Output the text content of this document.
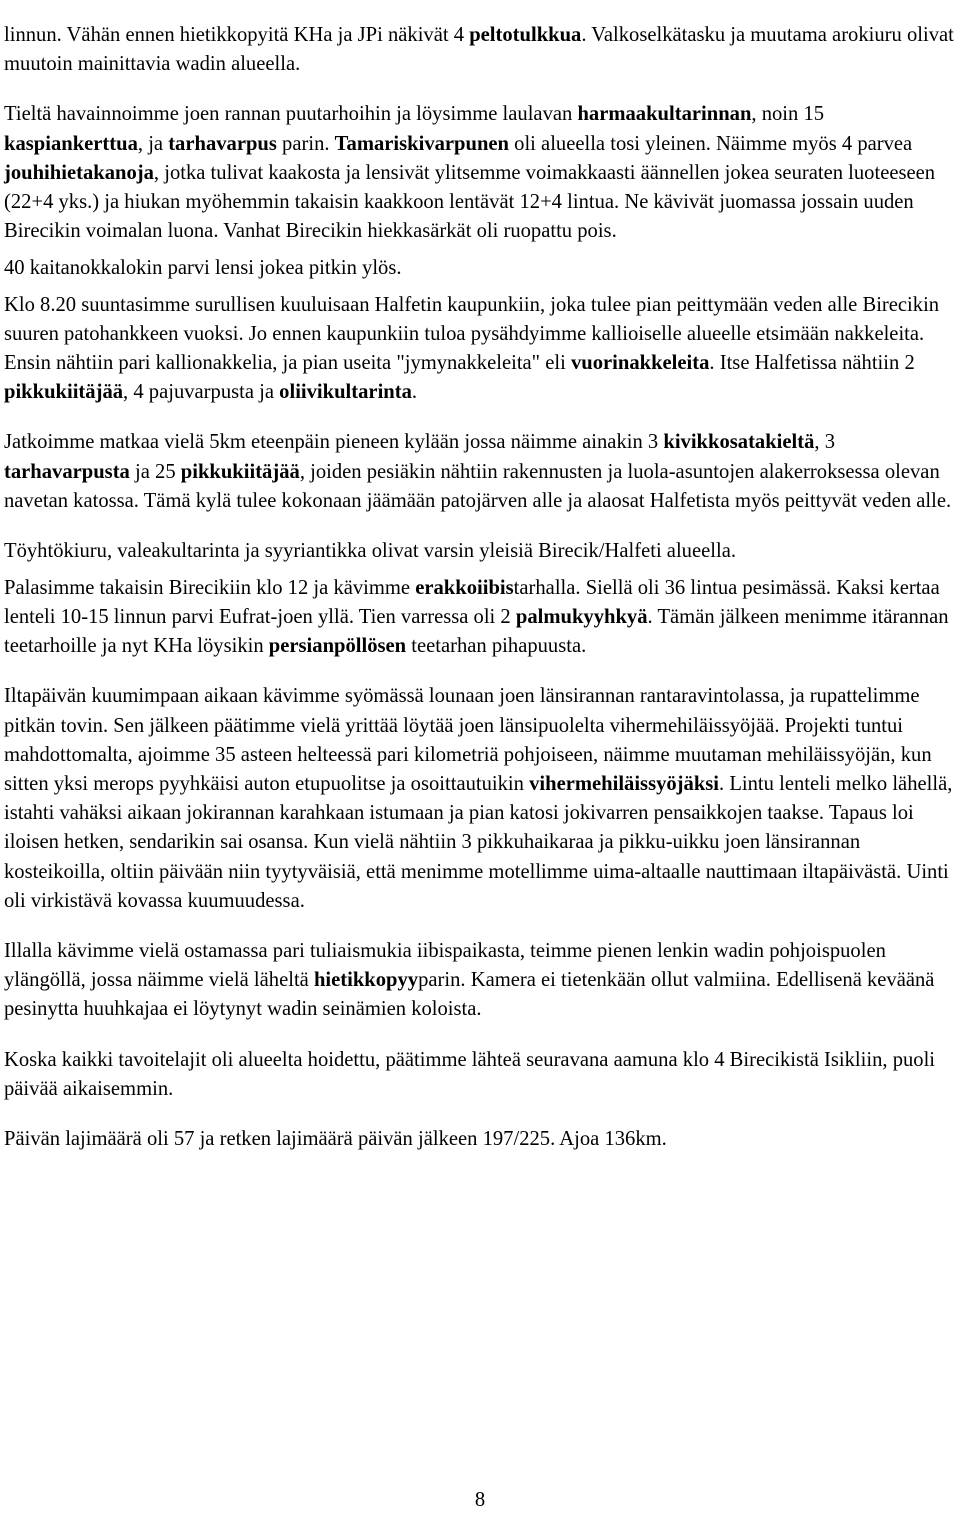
linnun. Vähän ennen hietikkopyitä KHa ja JPi näkivät 4 peltotulkkua. Valkoselkätasku ja muutama arokiuru olivat muutoin mainittavia wadin alueella.

Tieltä havainnoimme joen rannan puutarhoihin ja löysimme laulavan harmaakultarinnan, noin 15 kaspiankerttua, ja tarhavarpus parin. Tamariskivarpunen oli alueella tosi yleinen. Näimme myös 4 parvea jouhihietakanoja, jotka tulivat kaakosta ja lensivät ylitsemme voimakkaasti äännellen jokea seuraten luoteeseen (22+4 yks.) ja hiukan myöhemmin takaisin kaakkoon lentävät 12+4 lintua. Ne kävivät juomassa jossain uuden Birecikin voimalan luona. Vanhat Birecikin hiekkasärkät oli ruopattu pois.

40 kaitanokkalokin parvi lensi jokea pitkin ylös.

Klo 8.20 suuntasimme surullisen kuuluisaan Halfetin kaupunkiin, joka tulee pian peittymään veden alle Birecikin suuren patohankkeen vuoksi. Jo ennen kaupunkiin tuloa pysähdyimme kallioiselle alueelle etsimään nakkeleita. Ensin nähtiin pari kallionakkelia, ja pian useita "jymynakkeleita" eli vuorinakkeleita. Itse Halfetissa nähtiin 2 pikkukiitäjää, 4 pajuvarpusta ja oliivikultarinta.

Jatkoimme matkaa vielä 5km eteenpäin pieneen kylään jossa näimme ainakin 3 kivikkosatakieltä, 3 tarhavarpusta ja 25 pikkukiitäjää, joiden pesiäkin nähtiin rakennusten ja luola-asuntojen alakerroksessa olevan navetan katossa. Tämä kylä tulee kokonaan jäämään patojärven alle ja alaosat Halfetista myös peittyvät veden alle.

Töyhtökiuru, valeakultarinta ja syyriantikka olivat varsin yleisiä Birecik/Halfeti alueella.

Palasimme takaisin Birecikiin klo 12 ja kävimme erakkoiibistarhalla. Siellä oli 36 lintua pesimässä. Kaksi kertaa lenteli 10-15 linnun parvi Eufrat-joen yllä. Tien varressa oli 2 palmukyyhkyä. Tämän jälkeen menimme itärannan teetarhoille ja nyt KHa löysikin persianpöllösen teetarhan pihapuusta.

Iltapäivän kuumimpaan aikaan kävimme syömässä lounaan joen länsirannan rantaravintolassa, ja rupattelimme pitkän tovin. Sen jälkeen päätimme vielä yrittää löytää joen länsipuolelta vihermehiläissyöjää. Projekti tuntui mahdottomalta, ajoimme 35 asteen helteessä pari kilometriä pohjoiseen, näimme muutaman mehiläissyöjän, kun sitten yksi merops pyyhkäisi auton etupuolitse ja osoittautuikin vihermehiläissyöjäksi. Lintu lenteli melko lähellä, istahti vahäksi aikaan jokirannan karahkaan istumaan ja pian katosi jokivarren pensaikkojen taakse. Tapaus loi iloisen hetken, sendarikin sai osansa. Kun vielä nähtiin 3 pikkuhaikaraa ja pikku-uikku joen länsirannan kosteikoilla, oltiin päivään niin tyytyväisiä, että menimme motellimme uima-altaalle nauttimaan iltapäivästä. Uinti oli virkistävä kovassa kuumuudessa.

Illalla kävimme vielä ostamassa pari tuliaismukia iibispaikasta, teimme pienen lenkin wadin pohjoispuolen ylängöllä, jossa näimme vielä läheltä hietikkopyyparin. Kamera ei tietenkään ollut valmiina. Edellisenä keväänä pesinytta huuhkajaa ei löytynyt wadin seinämien koloista.

Koska kaikki tavoitelajit oli alueelta hoidettu, päätimme lähteä seuravana aamuna klo 4 Birecikistä Isikliin, puoli päivää aikaisemmin.

Päivän lajimäärä oli 57 ja retken lajimäärä päivän jälkeen 197/225. Ajoa 136km.

8
